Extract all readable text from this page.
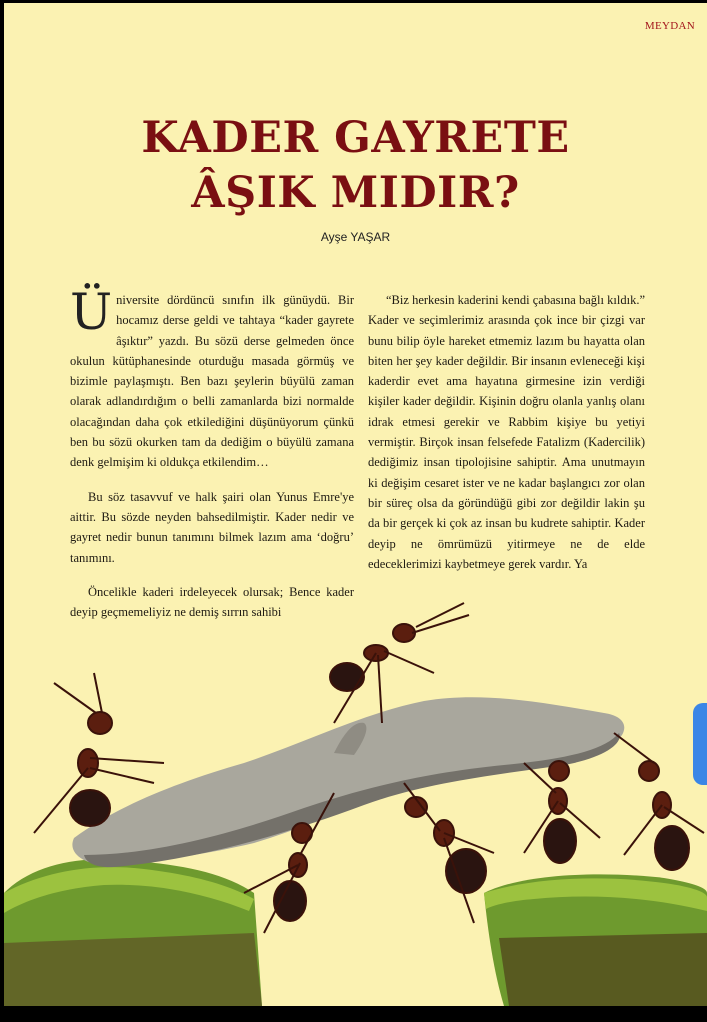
MEYDAN
KADER GAYRETE
ÂŞIK MIDIR?
Ayşe YAŞAR

Üniversite dördüncü sınıfın ilk günüydü. Bir hocamız derse geldi ve tahtaya “kader gayrete âşıktır” yazdı. Bu sözü derse gelmeden önce okulun kütüphanesinde oturduğu masada görmüş ve bizimle paylaşmıştı. Ben bazı şeylerin büyülü zaman olarak adlandırdığım o belli zamanlarda bizi normalde olacağından daha çok etkilediğini düşünüyorum çünkü ben bu sözü okurken tam da dediğim o büyülü zamana denk gelmişim ki oldukça etkilendim…

Bu söz tasavvuf ve halk şairi olan Yunus Emre'ye aittir. Bu sözde neyden bahsedilmiştir. Kader nedir ve gayret nedir bunun tanımını bilmek lazım ama ‘doğru’ tanımını.

Öncelikle kaderi irdeleyecek olursak; Bence kader deyip geçmemeliyiz ne demiş sırrın sahibi

“Biz herkesin kaderini kendi çabasına bağlı kıldık.” Kader ve seçimlerimiz arasında çok ince bir çizgi var bunu bilip öyle hareket etmemiz lazım bu hayatta olan biten her şey kader değildir. Bir insanın evleneceği kişi kaderdir evet ama hayatına girmesine izin verdiği kişiler kader değildir. Kişinin doğru olanla yanlış olanı idrak etmesi gerekir ve Rabbim kişiye bu yetiyi vermiştir. Birçok insan felsefede Fatalizm (Kadercilik) dediğimiz insan tipolojisine sahiptir. Ama unutmayın ki değişim cesaret ister ve ne kadar başlangıcı zor olan bir süreç olsa da göründüğü gibi zor değildir lakin şu da bir gerçek ki çok az insan bu kudrete sahiptir. Kader deyip ne ömrümüzü yitirmeye ne de elde edeceklerimizi kaybetmeye gerek vardır. Ya
